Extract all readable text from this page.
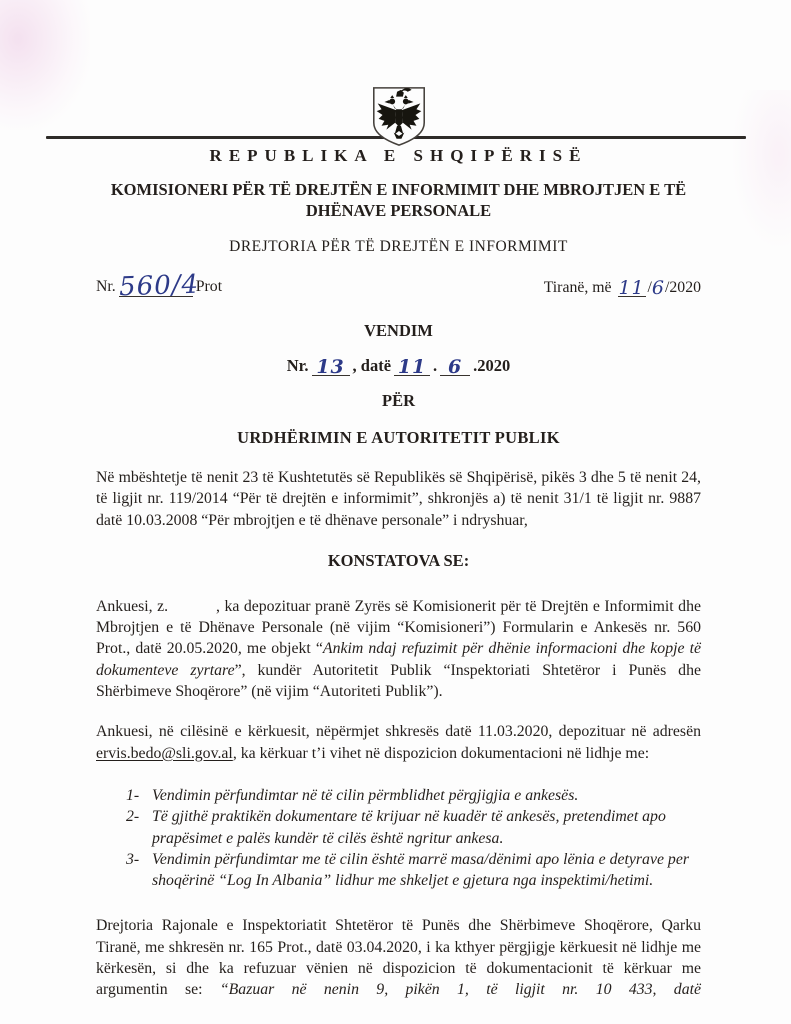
REPUBLIKA E SHQIPËRISË
KOMISIONERI PËR TË DREJTËN E INFORMIMIT DHE MBROJTJEN E TË DHËNAVE PERSONALE
DREJTORIA PËR TË DREJTËN E INFORMIMIT
Nr. 560/4Prot	Tiranë, më 11 /6/2020
VENDIM
Nr. 13 , datë 11 . 6 .2020
PËR
URDHËRIMIN E AUTORITETIT PUBLIK

Në mbështetje të nenit 23 të Kushtetutës së Republikës së Shqipërisë, pikës 3 dhe 5 të nenit 24, të ligjit nr. 119/2014 “Për të drejtën e informimit”, shkronjës a) të nenit 31/1 të ligjit nr. 9887 datë 10.03.2008 “Për mbrojtjen e të dhënave personale” i ndryshuar,

KONSTATOVA SE:

Ankuesi, z.	, ka depozituar pranë Zyrës së Komisionerit për të Drejtën e Informimit dhe Mbrojtjen e të Dhënave Personale (në vijim “Komisioneri”) Formularin e Ankesës nr. 560 Prot., datë 20.05.2020, me objekt “Ankim ndaj refuzimit për dhënie informacioni dhe kopje të dokumenteve zyrtare”, kundër Autoritetit Publik “Inspektoriati Shtetëror i Punës dhe Shërbimeve Shoqërore” (në vijim “Autoriteti Publik”).

Ankuesi, në cilësinë e kërkuesit, nëpërmjet shkresës datë 11.03.2020, depozituar në adresën ervis.bedo@sli.gov.al, ka kërkuar t’i vihet në dispozicion dokumentacioni në lidhje me:

1- Vendimin përfundimtar në të cilin përmblidhet përgjigjia e ankesës.
2- Të gjithë praktikën dokumentare të krijuar në kuadër të ankesës, pretendimet apo prapësimet e palës kundër të cilës është ngritur ankesa.
3- Vendimin përfundimtar me të cilin është marrë masa/dënimi apo lënia e detyrave per shoqërinë “Log In Albania” lidhur me shkeljet e gjetura nga inspektimi/hetimi.

Drejtoria Rajonale e Inspektoriatit Shtetëror të Punës dhe Shërbimeve Shoqërore, Qarku Tiranë, me shkresën nr. 165 Prot., datë 03.04.2020, i ka kthyer përgjigje kërkuesit në lidhje me kërkesën, si dhe ka refuzuar vënien në dispozicion të dokumentacionit të kërkuar me argumentin se: “Bazuar në nenin 9, pikën 1, të ligjit nr. 10 433, datë
